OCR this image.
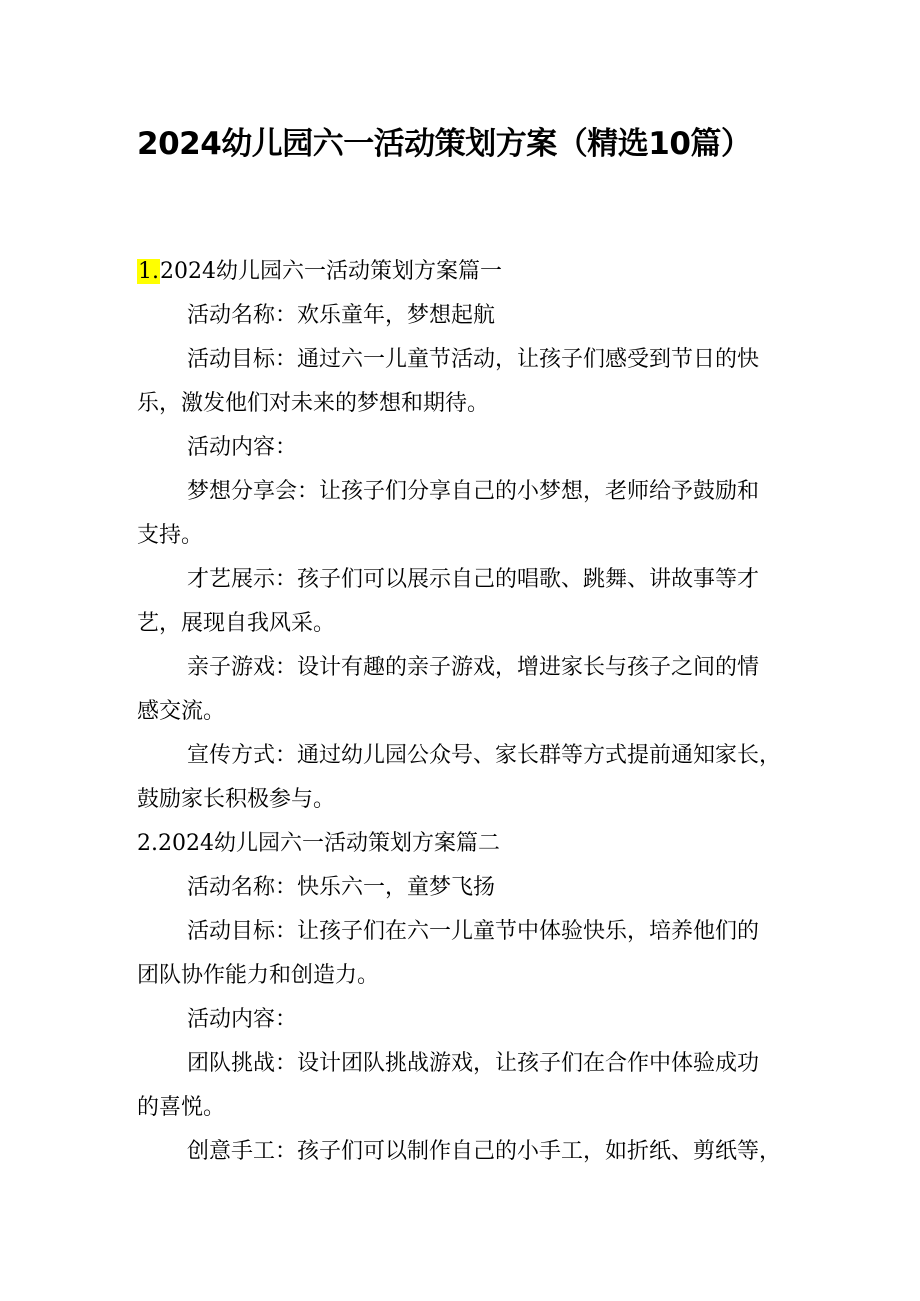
2024幼儿园六一活动策划方案（精选10篇）
1.2024幼儿园六一活动策划方案篇一
活动名称：欢乐童年，梦想起航
活动目标：通过六一儿童节活动，让孩子们感受到节日的快
乐，激发他们对未来的梦想和期待。
活动内容：
梦想分享会：让孩子们分享自己的小梦想，老师给予鼓励和
支持。
才艺展示：孩子们可以展示自己的唱歌、跳舞、讲故事等才
艺，展现自我风采。
亲子游戏：设计有趣的亲子游戏，增进家长与孩子之间的情
感交流。
宣传方式：通过幼儿园公众号、家长群等方式提前通知家长，
鼓励家长积极参与。
2.2024幼儿园六一活动策划方案篇二
活动名称：快乐六一，童梦飞扬
活动目标：让孩子们在六一儿童节中体验快乐，培养他们的
团队协作能力和创造力。
活动内容：
团队挑战：设计团队挑战游戏，让孩子们在合作中体验成功
的喜悦。
创意手工：孩子们可以制作自己的小手工，如折纸、剪纸等，
